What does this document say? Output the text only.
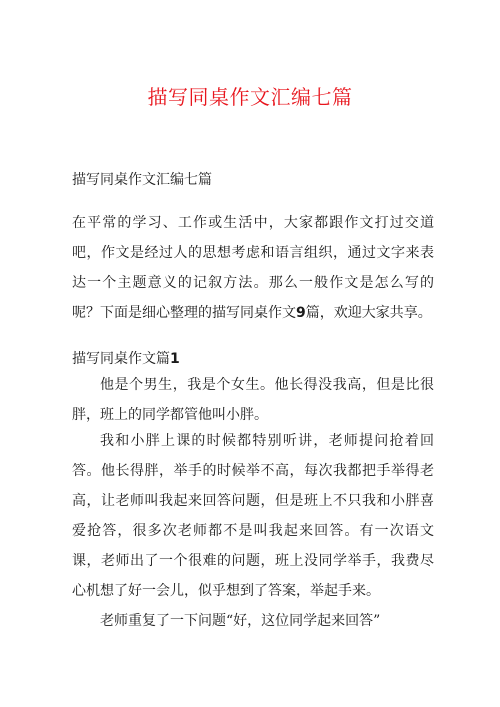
描写同桌作文汇编七篇
描写同桌作文汇编七篇
在平常的学习、工作或生活中，大家都跟作文打过交道吧，作文是经过人的思想考虑和语言组织，通过文字来表达一个主题意义的记叙方法。那么一般作文是怎么写的呢？下面是细心整理的描写同桌作文9篇，欢迎大家共享。
描写同桌作文篇1
他是个男生，我是个女生。他长得没我高，但是比很胖，班上的同学都管他叫小胖。
我和小胖上课的时候都特别听讲，老师提问抢着回答。他长得胖，举手的时候举不高，每次我都把手举得老高，让老师叫我起来回答问题，但是班上不只我和小胖喜爱抢答，很多次老师都不是叫我起来回答。有一次语文课，老师出了一个很难的问题，班上没同学举手，我费尽心机想了好一会儿，似乎想到了答案，举起手来。
老师重复了一下问题“好，这位同学起来回答”
